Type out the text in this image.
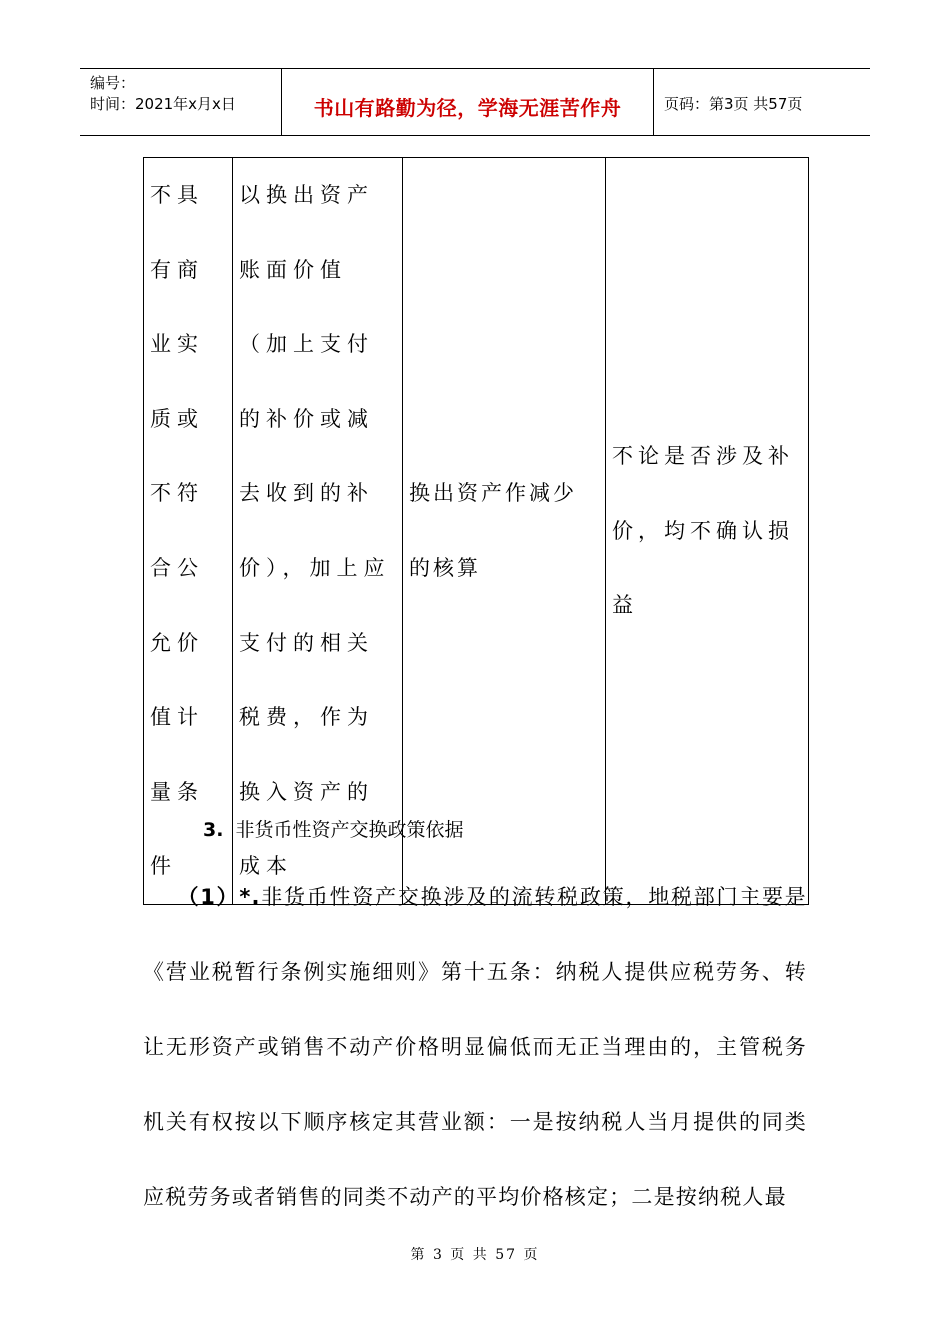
编号：
时间：2021年x月x日	书山有路勤为径，学海无涯苦作舟	页码：第3页 共57页
不具有商业实质或不符合公允价值计量条件	以换出资产账面价值（加上支付的补价或减去收到的补价），加上应支付的相关税费，作为换入资产的成本	换出资产作减少的核算	不论是否涉及补价，均不确认损益
3. 非货币性资产交换政策依据
  （1）*.非货币性资产交换涉及的流转税政策，地税部门主要是《营业税暂行条例实施细则》第十五条：纳税人提供应税劳务、转让无形资产或销售不动产价格明显偏低而无正当理由的，主管税务机关有权按以下顺序核定其营业额：一是按纳税人当月提供的同类应税劳务或者销售的同类不动产的平均价格核定；二是按纳税人最
第 3 页 共 57 页
